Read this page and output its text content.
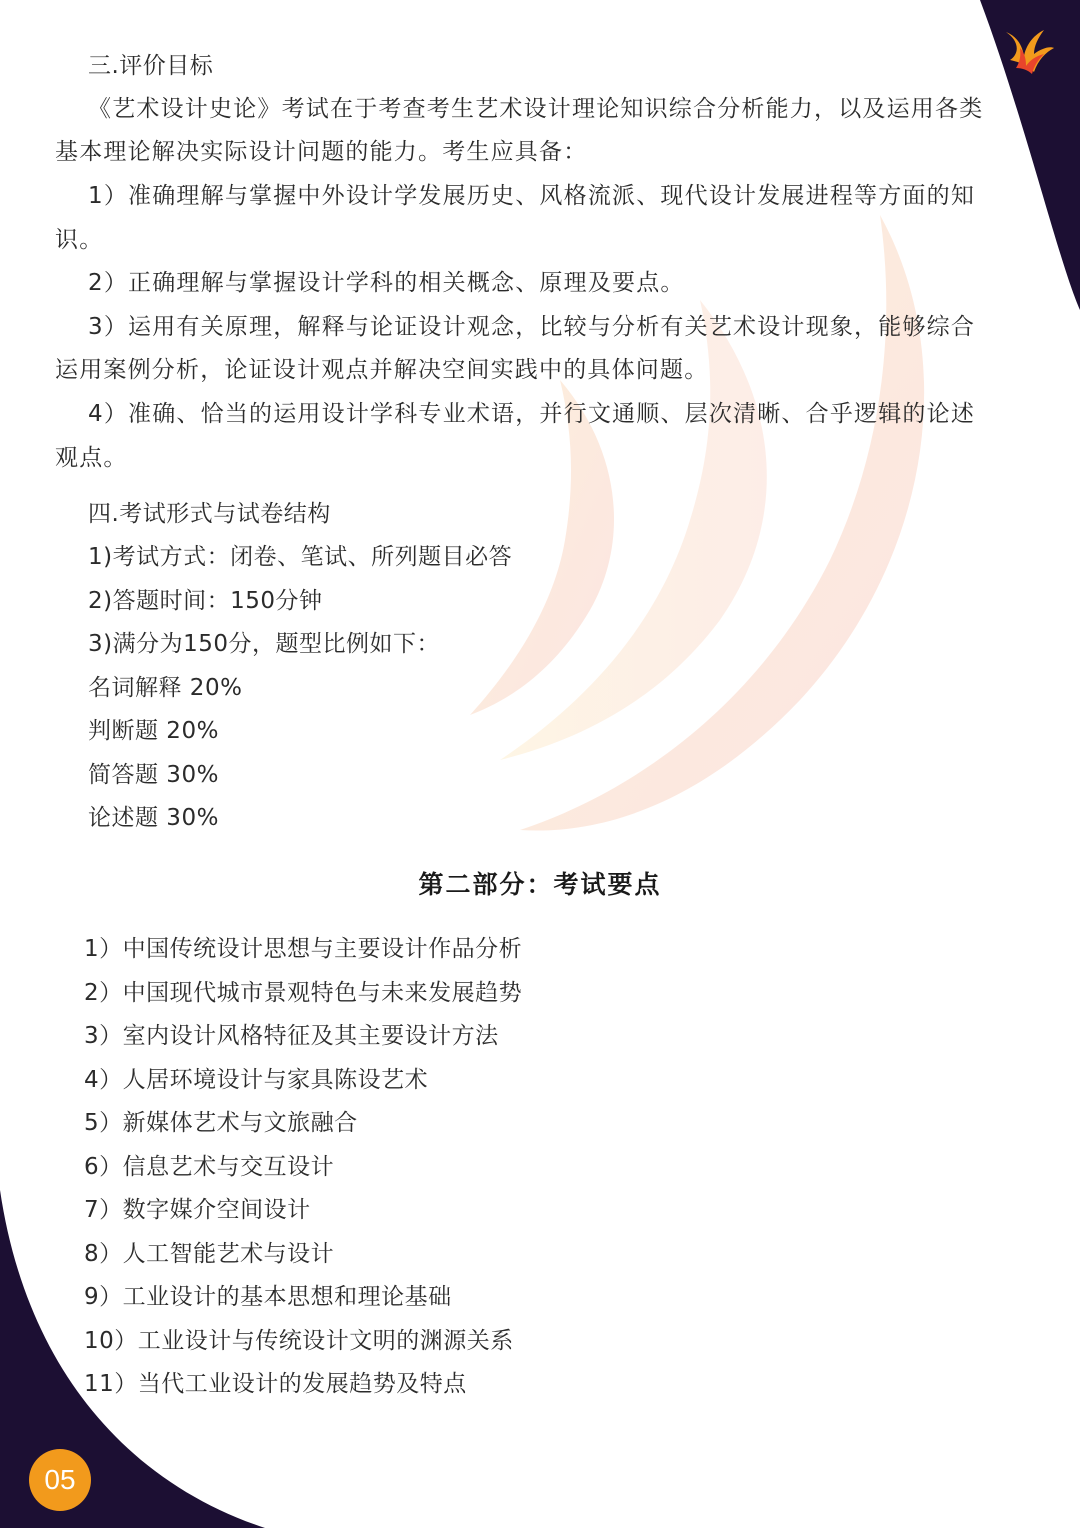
三.评价目标
《艺术设计史论》考试在于考查考生艺术设计理论知识综合分析能力，以及运用各类
基本理论解决实际设计问题的能力。考生应具备：
1）准确理解与掌握中外设计学发展历史、风格流派、现代设计发展进程等方面的知
识。
2）正确理解与掌握设计学科的相关概念、原理及要点。
3）运用有关原理，解释与论证设计观念，比较与分析有关艺术设计现象，能够综合
运用案例分析，论证设计观点并解决空间实践中的具体问题。
4）准确、恰当的运用设计学科专业术语，并行文通顺、层次清晰、合乎逻辑的论述
观点。
四.考试形式与试卷结构
1)考试方式：闭卷、笔试、所列题目必答
2)答题时间：150分钟
3)满分为150分，题型比例如下：
名词解释 20%
判断题 20%
简答题 30%
论述题 30%
第二部分：考试要点
1）中国传统设计思想与主要设计作品分析
2）中国现代城市景观特色与未来发展趋势
3）室内设计风格特征及其主要设计方法
4）人居环境设计与家具陈设艺术
5）新媒体艺术与文旅融合
6）信息艺术与交互设计
7）数字媒介空间设计
8）人工智能艺术与设计
9）工业设计的基本思想和理论基础
10）工业设计与传统设计文明的渊源关系
11）当代工业设计的发展趋势及特点
05
